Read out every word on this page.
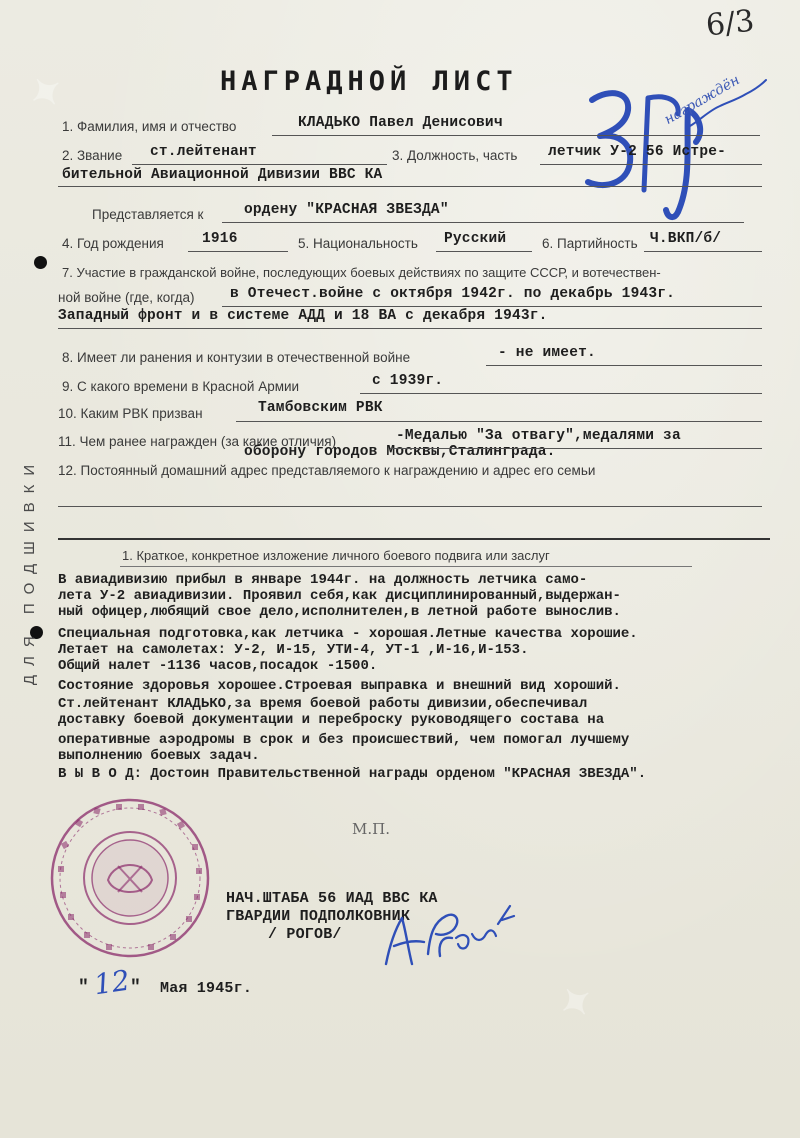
✦
✦
6/3
НАГРАДНОЙ ЛИСТ	награждён
ДЛЯ ПОДШИВКИ
1. Фамилия, имя и отчество	КЛАДЬКО Павел Денисович
2. Звание ст.лейтенант	3. Должность, часть летчик У-2 56 Истре-
бительной Авиационной Дивизии ВВС КА
Представляется к	ордену "КРАСНАЯ ЗВЕЗДА"
4. Год рождения	1916	5. Национальность Русский	6. Партийность Ч.ВКП/б/
7. Участие в гражданской войне, последующих боевых действиях по защите СССР, и вотечествен-
ной войне (где, когда) в Отечест.войне с октября 1942г. по декабрь 1943г.
Западный фронт и в системе АДД и 18 ВА с декабря 1943г.
8. Имеет ли ранения и контузии в отечественной войне	- не имеет.
9. С какого времени в Красной Армии	с 1939г.
10. Каким РВК призван	Тамбовским РВК
11. Чем ранее награжден (за какие отличия)	-Медалью "За отвагу",медалями за
оборону городов Москвы,Сталинграда.
12. Постоянный домашний адрес представляемого к награждению и адрес его семьи
1. Краткое, конкретное изложение личного боевого подвига или заслуг
В авиадивизию прибыл в январе 1944г. на должность летчика само-
лета У-2 авиадивизии. Проявил себя,как дисциплинированный,выдержан-
ный офицер,любящий свое дело,исполнителен,в летной работе вынослив.
Специальная подготовка,как летчика - хорошая.Летные качества хорошие.
Летает на самолетах: У-2, И-15, УТИ-4, УТ-1 ,И-16,И-153.
Общий налет -1136 часов,посадок -1500.
Состояние здоровья хорошее.Строевая выправка и внешний вид хороший.
Ст.лейтенант КЛАДЬКО,за время боевой работы дивизии,обеспечивал
доставку боевой документации и переброску руководящего состава на
оперативные аэродромы в срок и без происшествий, чем помогал лучшему
выполнению боевых задач.
В Ы В О Д: Достоин Правительственной награды орденом "КРАСНАЯ ЗВЕЗДА".
М.П.
НАЧ.ШТАБА 56 ИАД ВВС КА
ГВАРДИИ ПОДПОЛКОВНИК
/ РОГОВ/
" 12
" Мая 1945г.
